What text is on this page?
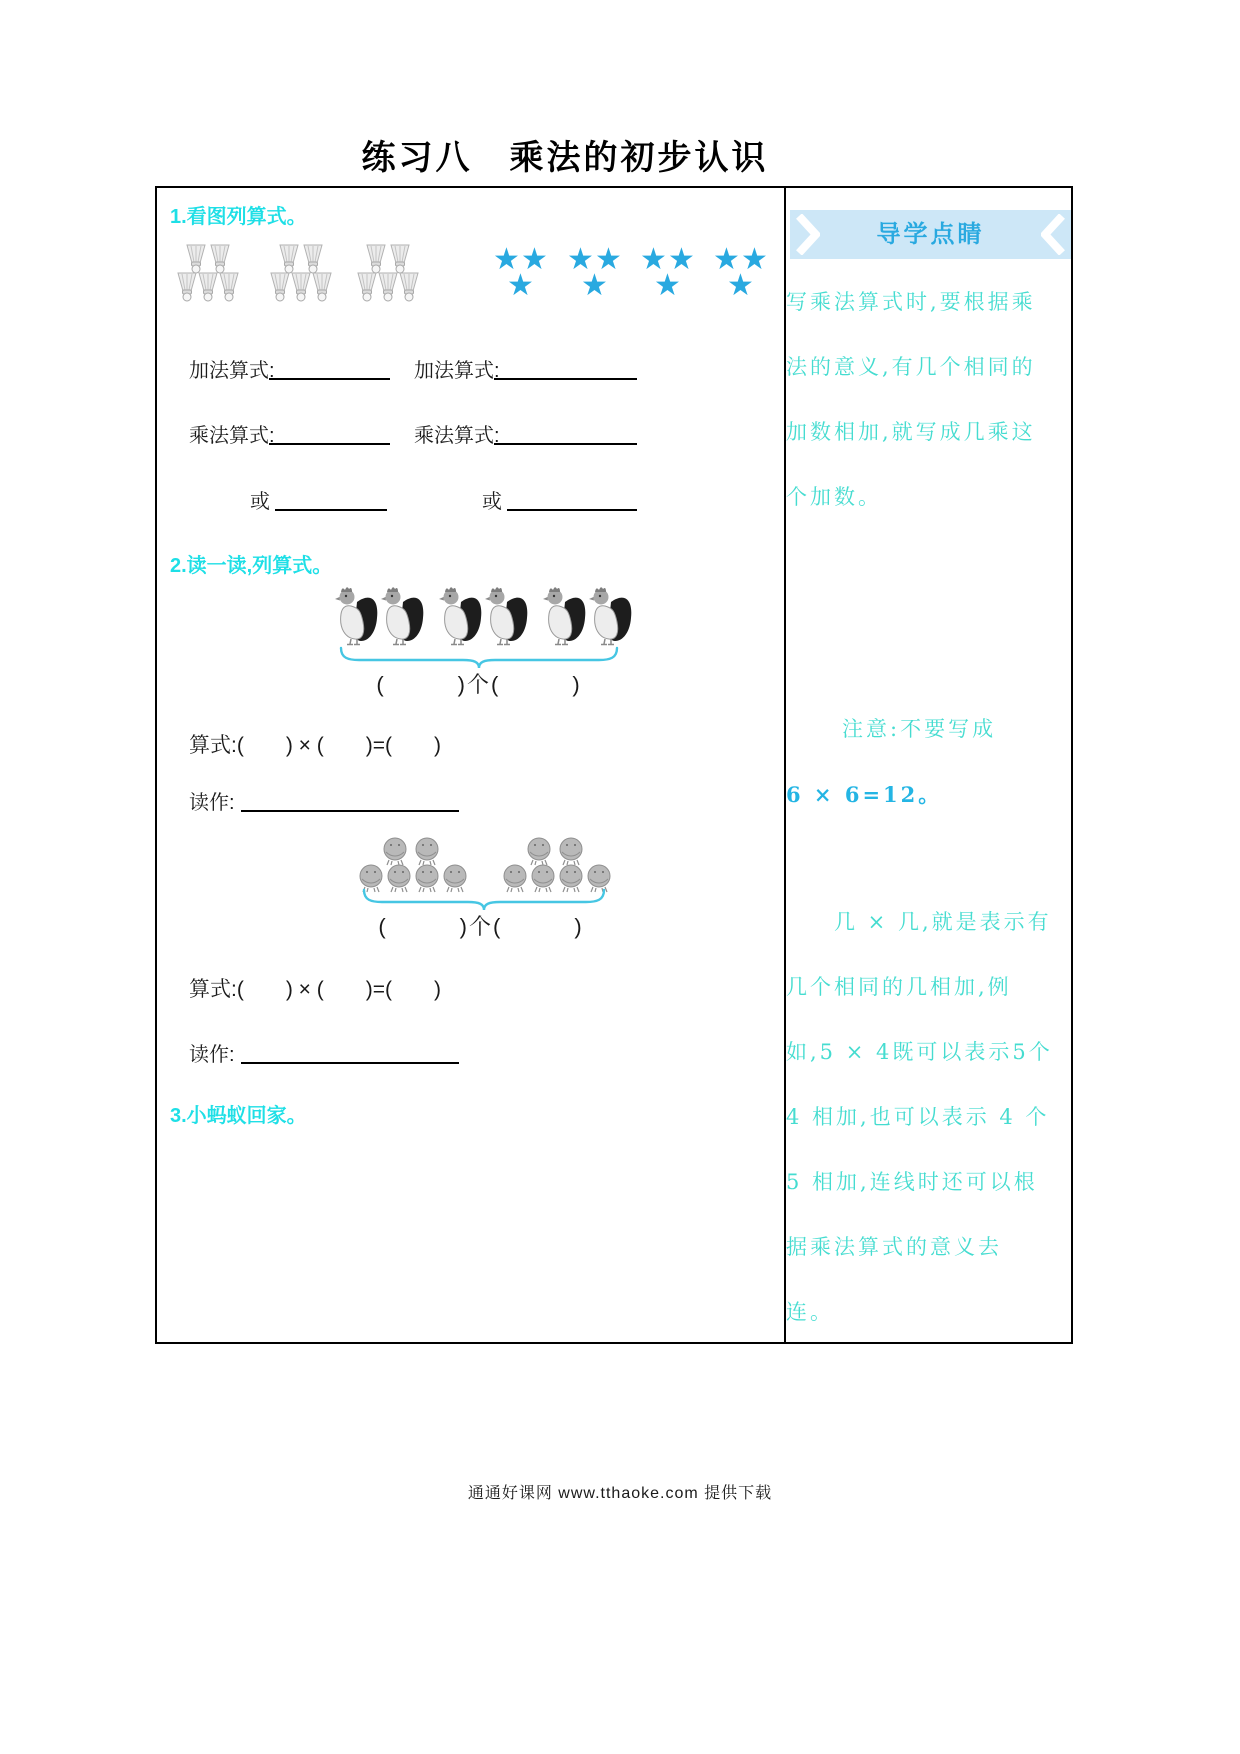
练习八　乘法的初步认识
1.看图列算式。
★ ★
★
★ ★
★
★ ★
★
★ ★
★
加法算式:	加法算式:
乘法算式:	乘法算式:
或	或
2.读一读,列算式。
(　　　)个(　　　)
算式:(　　) × (　　)=(　　)
读作:
(　　　)个(　　　)
算式:(　　) × (　　)=(　　)
读作:
3.小蚂蚁回家。
导学点睛
写乘法算式时,要根据乘
法的意义,有几个相同的
加数相加,就写成几乘这
个加数。
注意:不要写成
6 × 6=12。
几 × 几,就是表示有
几个相同的几相加,例
如,5 × 4既可以表示5个
4 相加,也可以表示 4 个
5 相加,连线时还可以根
据乘法算式的意义去
连。
通通好课网 www.tthaoke.com 提供下载
